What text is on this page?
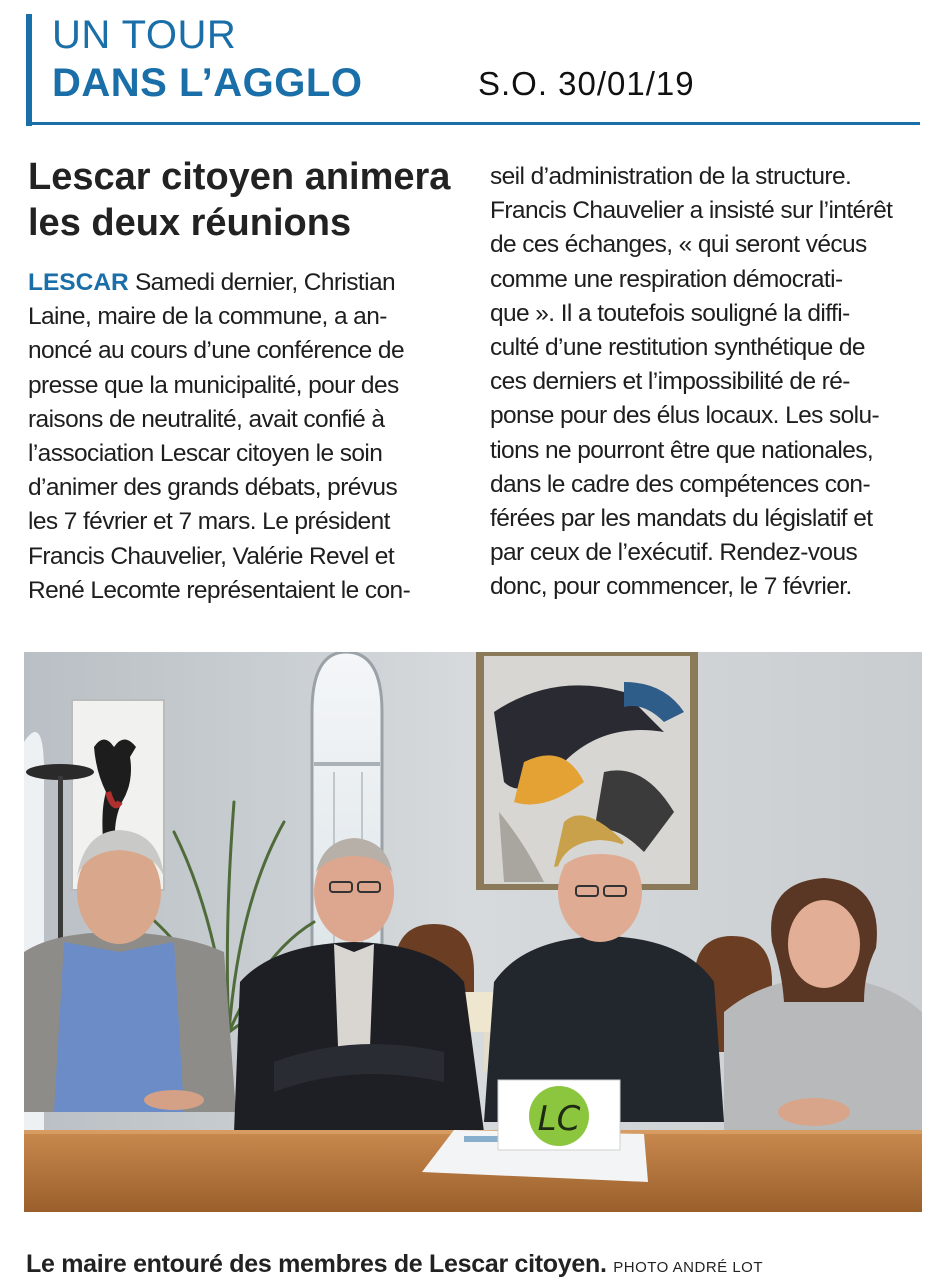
UN TOUR
DANS L’AGGLO	S.O. 30/01/19
Lescar citoyen animera
les deux réunions
LESCAR Samedi dernier, Christian
Laine, maire de la commune, a an-
noncé au cours d’une conférence de
presse que la municipalité, pour des
raisons de neutralité, avait confié à
l’association Lescar citoyen le soin
d’animer des grands débats, prévus
les 7 février et 7 mars. Le président
Francis Chauvelier, Valérie Revel et
René Lecomte représentaient le con-
seil d’administration de la structure.
Francis Chauvelier a insisté sur l’intérêt
de ces échanges, « qui seront vécus
comme une respiration démocrati-
que ». Il a toutefois souligné la diffi-
culté d’une restitution synthétique de
ces derniers et l’impossibilité de ré-
ponse pour des élus locaux. Les solu-
tions ne pourront être que nationales,
dans le cadre des compétences con-
férées par les mandats du législatif et
par ceux de l’exécutif. Rendez-vous
donc, pour commencer, le 7 février.
LC
Le maire entouré des membres de Lescar citoyen. PHOTO ANDRÉ LOT
